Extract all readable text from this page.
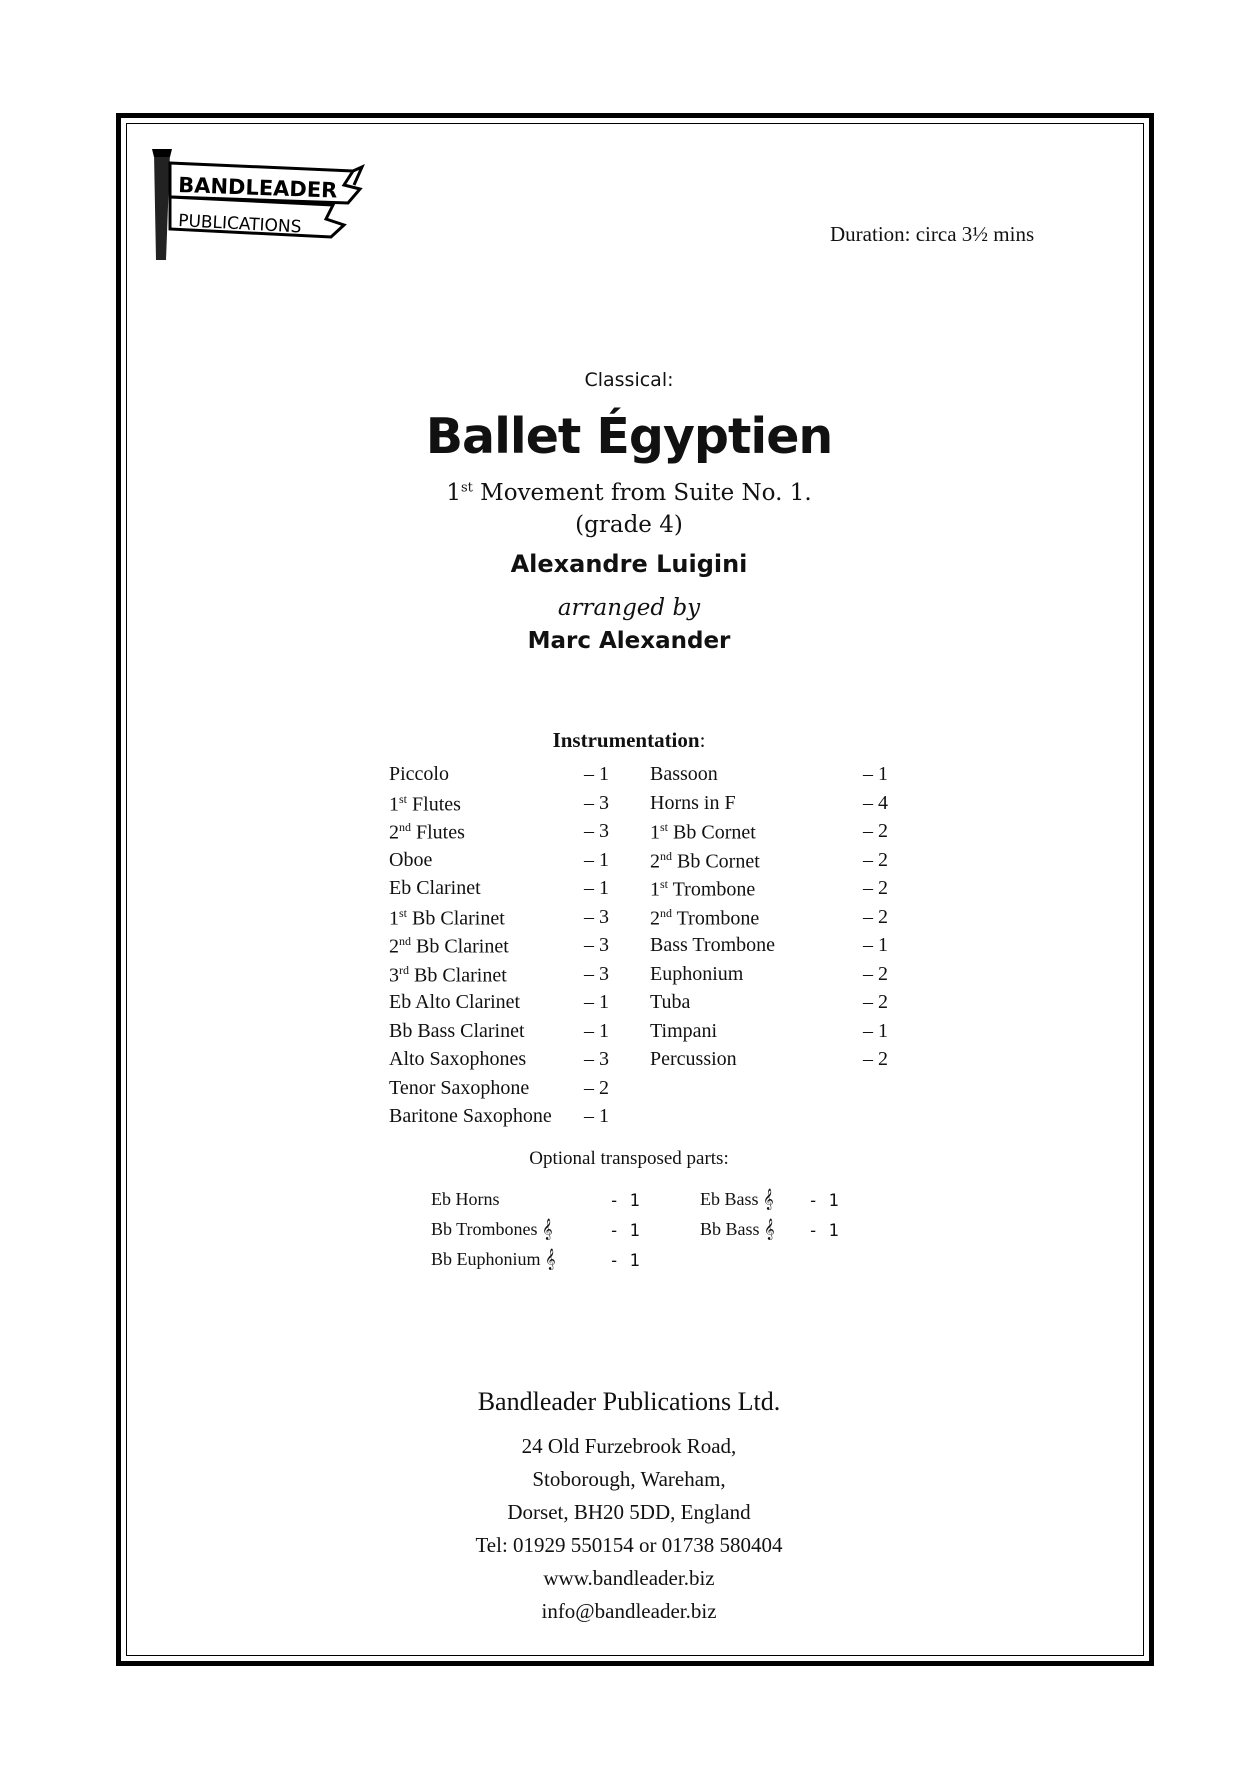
BANDLEADER
PUBLICATIONS	Duration: circa 3½ mins
Classical:
Ballet Égyptien
1st Movement from Suite No. 1.
(grade 4)
Alexandre Luigini
arranged by
Marc Alexander
Instrumentation:
Piccolo	– 1
1st Flutes	– 3
2nd Flutes	– 3
Oboe	– 1
Eb Clarinet	– 1
1st Bb Clarinet	– 3
2nd Bb Clarinet	– 3
3rd Bb Clarinet	– 3
Eb Alto Clarinet	– 1
Bb Bass Clarinet	– 1
Alto Saxophones	– 3
Tenor Saxophone	– 2
Baritone Saxophone – 1
Bassoon	– 1
Horns in F	– 4
1st Bb Cornet	– 2
2nd Bb Cornet	– 2
1st Trombone	– 2
2nd Trombone	– 2
Bass Trombone	– 1
Euphonium	– 2
Tuba	– 2
Timpani	– 1
Percussion	– 2
Optional transposed parts:
Eb Horns	- 1
Bb Trombones 𝄞	- 1
Bb Euphonium 𝄞	- 1
Eb Bass 𝄞 - 1
Bb Bass 𝄞 - 1
Bandleader Publications Ltd.
24 Old Furzebrook Road,
Stoborough, Wareham,
Dorset, BH20 5DD, England
Tel: 01929 550154 or 01738 580404
www.bandleader.biz
info@bandleader.biz
